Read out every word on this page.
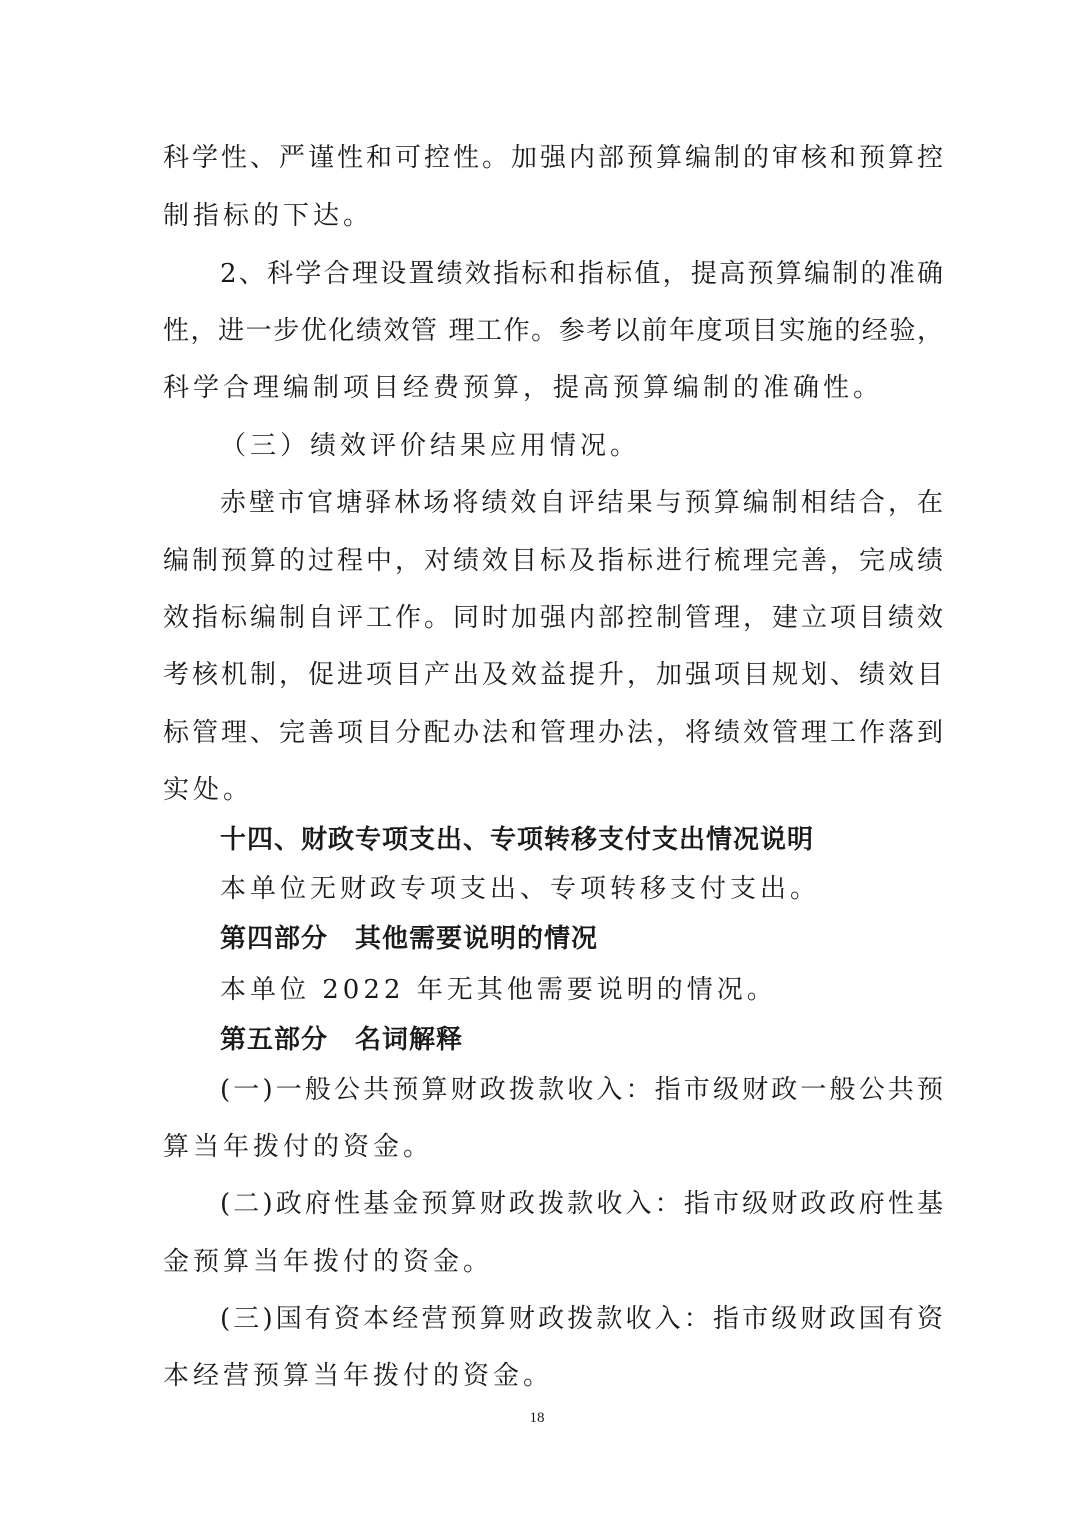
科学性、严谨性和可控性。加强内部预算编制的审核和预算控
制指标的下达。
2、科学合理设置绩效指标和指标值，提高预算编制的准确
性，进一步优化绩效管 理工作。参考以前年度项目实施的经验，
科学合理编制项目经费预算，提高预算编制的准确性。
（三）绩效评价结果应用情况。
赤壁市官塘驿林场将绩效自评结果与预算编制相结合，在
编制预算的过程中，对绩效目标及指标进行梳理完善，完成绩
效指标编制自评工作。同时加强内部控制管理，建立项目绩效
考核机制，促进项目产出及效益提升，加强项目规划、绩效目
标管理、完善项目分配办法和管理办法，将绩效管理工作落到
实处。
十四、财政专项支出、专项转移支付支出情况说明
本单位无财政专项支出、专项转移支付支出。
第四部分　其他需要说明的情况
本单位 2022 年无其他需要说明的情况。
第五部分　名词解释
(一)一般公共预算财政拨款收入：指市级财政一般公共预
算当年拨付的资金。
(二)政府性基金预算财政拨款收入：指市级财政政府性基
金预算当年拨付的资金。
(三)国有资本经营预算财政拨款收入：指市级财政国有资
本经营预算当年拨付的资金。
18
